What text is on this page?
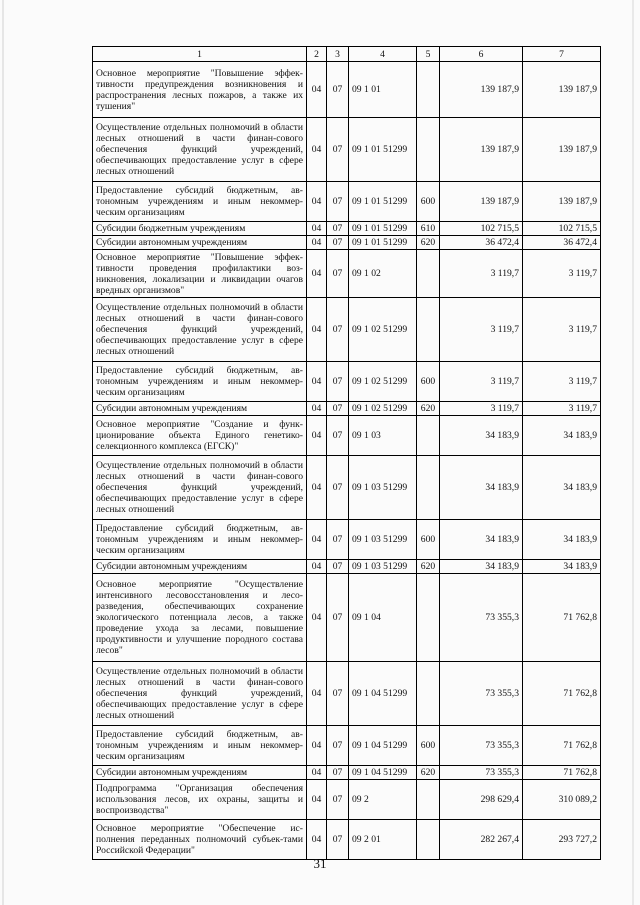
1	2	3	4	5	6	7
Основное мероприятие "Повышение эффек-тивности предупреждения возникновения и распространения лесных пожаров, а также их тушения"	04	07	09 1 01		139 187,9	139 187,9
Осуществление отдельных полномочий в области лесных отношений в части финан-сового обеспечения функций учреждений, обеспечивающих предоставление услуг в сфере лесных отношений	04	07	09 1 01 51299		139 187,9	139 187,9
Предоставление субсидий бюджетным, ав-тономным учреждениям и иным некоммер-ческим организациям	04	07	09 1 01 51299	600	139 187,9	139 187,9
Субсидии бюджетным учреждениям	04	07	09 1 01 51299	610	102 715,5	102 715,5
Субсидии автономным учреждениям	04	07	09 1 01 51299	620	36 472,4	36 472,4
Основное мероприятие "Повышение эффек-тивности проведения профилактики воз-никновения, локализации и ликвидации очагов вредных организмов"	04	07	09 1 02		3 119,7	3 119,7
Осуществление отдельных полномочий в области лесных отношений в части финан-сового обеспечения функций учреждений, обеспечивающих предоставление услуг в сфере лесных отношений	04	07	09 1 02 51299		3 119,7	3 119,7
Предоставление субсидий бюджетным, ав-тономным учреждениям и иным некоммер-ческим организациям	04	07	09 1 02 51299	600	3 119,7	3 119,7
Субсидии автономным учреждениям	04	07	09 1 02 51299	620	3 119,7	3 119,7
Основное мероприятие "Создание и функ-ционирование объекта Единого генетико-селекционного комплекса (ЕГСК)"	04	07	09 1 03		34 183,9	34 183,9
Осуществление отдельных полномочий в области лесных отношений в части финан-сового обеспечения функций учреждений, обеспечивающих предоставление услуг в сфере лесных отношений	04	07	09 1 03 51299		34 183,9	34 183,9
Предоставление субсидий бюджетным, ав-тономным учреждениям и иным некоммер-ческим организациям	04	07	09 1 03 51299	600	34 183,9	34 183,9
Субсидии автономным учреждениям	04	07	09 1 03 51299	620	34 183,9	34 183,9
Основное мероприятие "Осуществление интенсивного лесовосстановления и лесо-разведения, обеспечивающих сохранение экологического потенциала лесов, а также проведение ухода за лесами, повышение продуктивности и улучшение породного состава лесов"	04	07	09 1 04		73 355,3	71 762,8
Осуществление отдельных полномочий в области лесных отношений в части финан-сового обеспечения функций учреждений, обеспечивающих предоставление услуг в сфере лесных отношений	04	07	09 1 04 51299		73 355,3	71 762,8
Предоставление субсидий бюджетным, ав-тономным учреждениям и иным некоммер-ческим организациям	04	07	09 1 04 51299	600	73 355,3	71 762,8
Субсидии автономным учреждениям	04	07	09 1 04 51299	620	73 355,3	71 762,8
Подпрограмма "Организация обеспечения использования лесов, их охраны, защиты и воспроизводства"	04	07	09 2		298 629,4	310 089,2
Основное мероприятие "Обеспечение ис-полнения переданных полномочий субъек-тами Российской Федерации"	04	07	09 2 01		282 267,4	293 727,2
31
